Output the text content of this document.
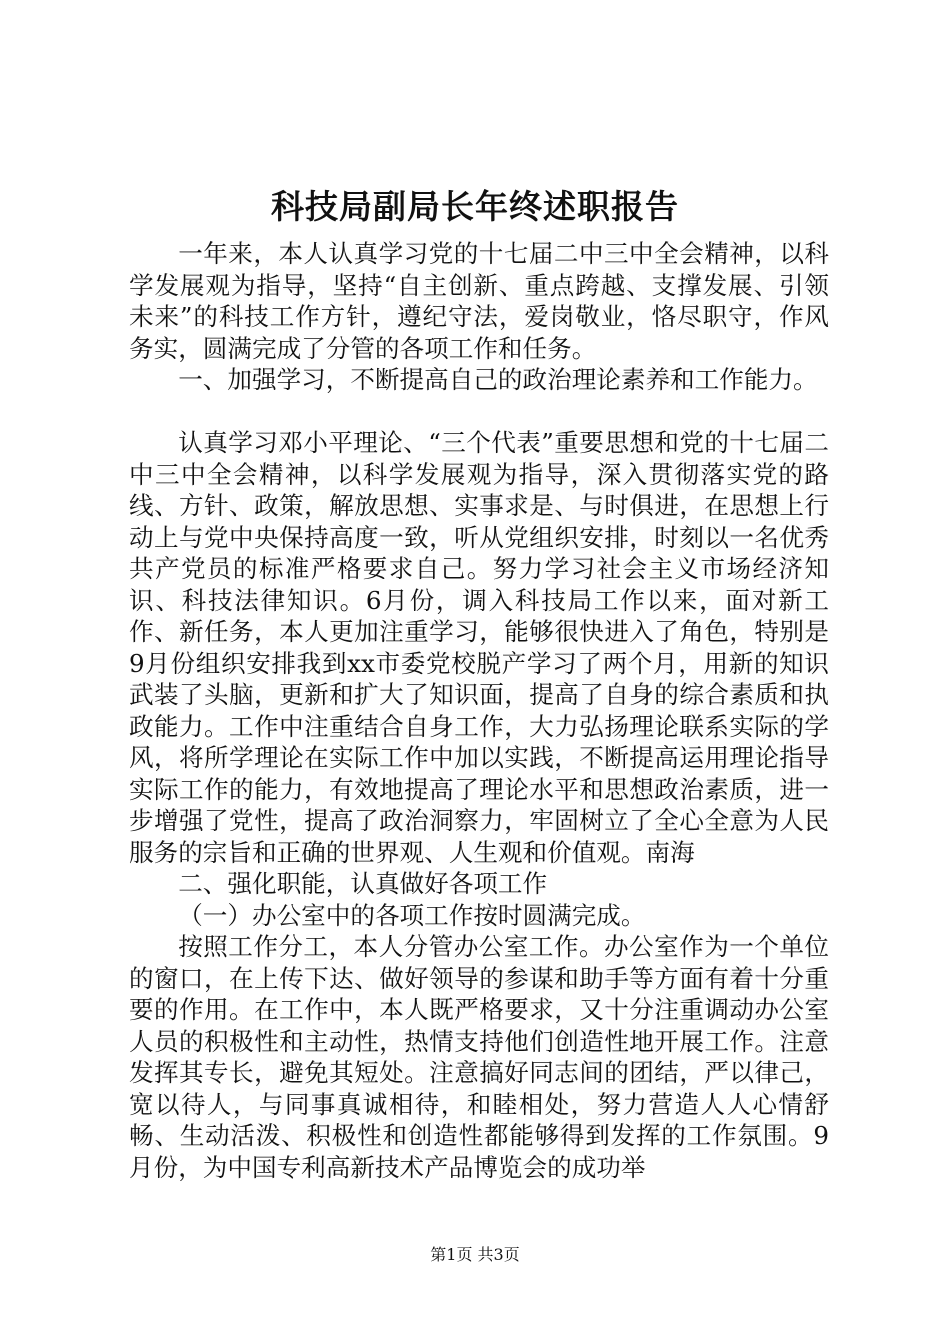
科技局副局长年终述职报告

一年来，本人认真学习党的十七届二中三中全会精神，以科学发展观为指导，坚持“自主创新、重点跨越、支撑发展、引领未来”的科技工作方针，遵纪守法，爱岗敬业，恪尽职守，作风务实，圆满完成了分管的各项工作和任务。

一、加强学习，不断提高自己的政治理论素养和工作能力。

认真学习邓小平理论、“三个代表”重要思想和党的十七届二中三中全会精神，以科学发展观为指导，深入贯彻落实党的路线、方针、政策，解放思想、实事求是、与时俱进，在思想上行动上与党中央保持高度一致，听从党组织安排，时刻以一名优秀共产党员的标准严格要求自己。努力学习社会主义市场经济知识、科技法律知识。6月份，调入科技局工作以来，面对新工作、新任务，本人更加注重学习，能够很快进入了角色，特别是9月份组织安排我到xx市委党校脱产学习了两个月，用新的知识武装了头脑，更新和扩大了知识面，提高了自身的综合素质和执政能力。工作中注重结合自身工作，大力弘扬理论联系实际的学风，将所学理论在实际工作中加以实践，不断提高运用理论指导实际工作的能力，有效地提高了理论水平和思想政治素质，进一步增强了党性，提高了政治洞察力，牢固树立了全心全意为人民服务的宗旨和正确的世界观、人生观和价值观。南海

二、强化职能，认真做好各项工作

（一）办公室中的各项工作按时圆满完成。

按照工作分工，本人分管办公室工作。办公室作为一个单位的窗口，在上传下达、做好领导的参谋和助手等方面有着十分重要的作用。在工作中，本人既严格要求，又十分注重调动办公室人员的积极性和主动性，热情支持他们创造性地开展工作。注意发挥其专长，避免其短处。注意搞好同志间的团结，严以律己，宽以待人，与同事真诚相待，和睦相处，努力营造人人心情舒畅、生动活泼、积极性和创造性都能够得到发挥的工作氛围。9月份，为中国专利高新技术产品博览会的成功举

第1页 共3页
